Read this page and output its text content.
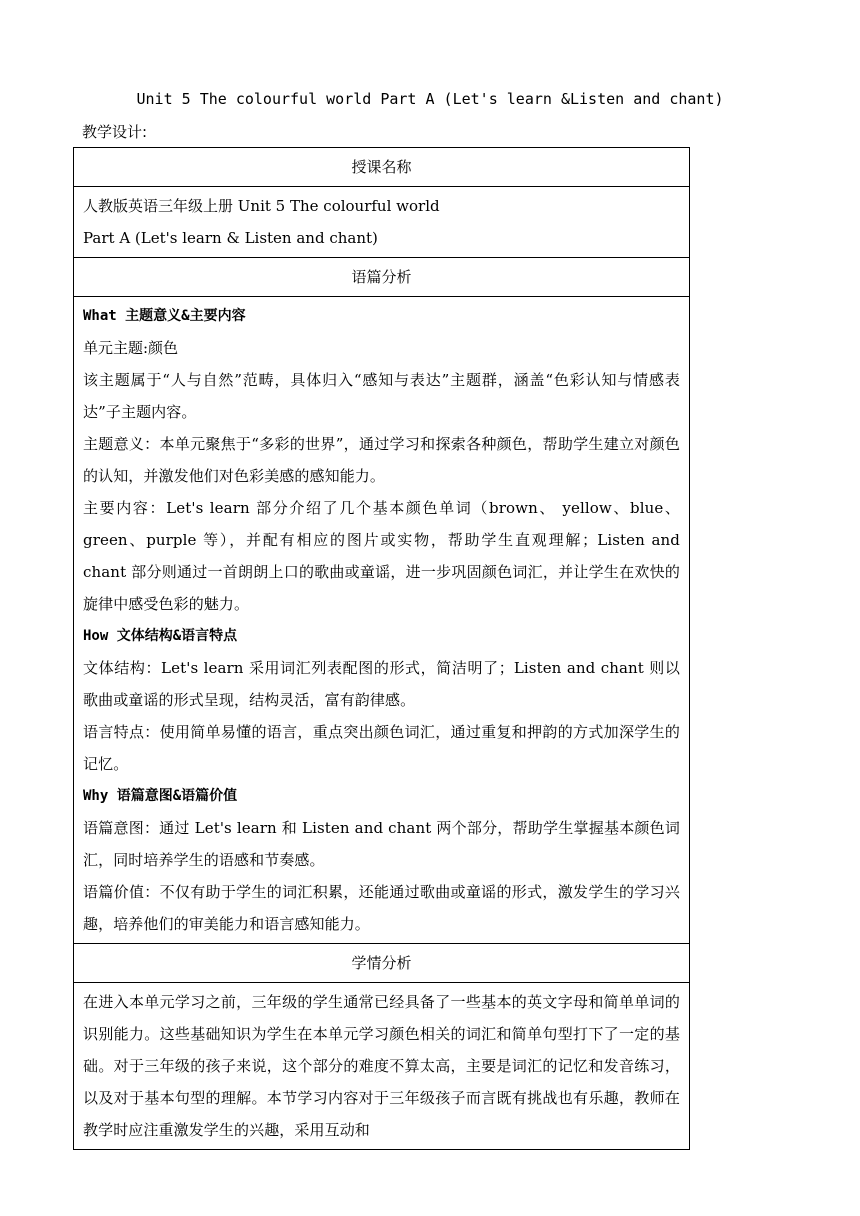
Unit 5 The colourful world Part A (Let's learn &Listen and chant)
教学设计:
授课名称

人教版英语三年级上册 Unit 5 The colourful world

Part A (Let's learn & Listen and chant)

语篇分析

What 主题意义&主要内容

单元主题:颜色

该主题属于“人与自然”范畴，具体归入“感知与表达”主题群，涵盖“色彩认知与情感表达”子主题内容。

主题意义：本单元聚焦于“多彩的世界”，通过学习和探索各种颜色，帮助学生建立对颜色的认知，并激发他们对色彩美感的感知能力。

主要内容：Let's learn 部分介绍了几个基本颜色单词（brown、 yellow、blue、green、purple 等），并配有相应的图片或实物，帮助学生直观理解；Listen and chant 部分则通过一首朗朗上口的歌曲或童谣，进一步巩固颜色词汇，并让学生在欢快的旋律中感受色彩的魅力。

How 文体结构&语言特点

文体结构：Let's learn 采用词汇列表配图的形式，简洁明了；Listen and chant 则以歌曲或童谣的形式呈现，结构灵活，富有韵律感。

语言特点：使用简单易懂的语言，重点突出颜色词汇，通过重复和押韵的方式加深学生的记忆。

Why 语篇意图&语篇价值

语篇意图：通过 Let's learn 和 Listen and chant 两个部分，帮助学生掌握基本颜色词汇，同时培养学生的语感和节奏感。

语篇价值：不仅有助于学生的词汇积累，还能通过歌曲或童谣的形式，激发学生的学习兴趣，培养他们的审美能力和语言感知能力。

学情分析

在进入本单元学习之前，三年级的学生通常已经具备了一些基本的英文字母和简单单词的识别能力。这些基础知识为学生在本单元学习颜色相关的词汇和简单句型打下了一定的基础。对于三年级的孩子来说，这个部分的难度不算太高，主要是词汇的记忆和发音练习，以及对于基本句型的理解。本节学习内容对于三年级孩子而言既有挑战也有乐趣，教师在教学时应注重激发学生的兴趣，采用互动和
